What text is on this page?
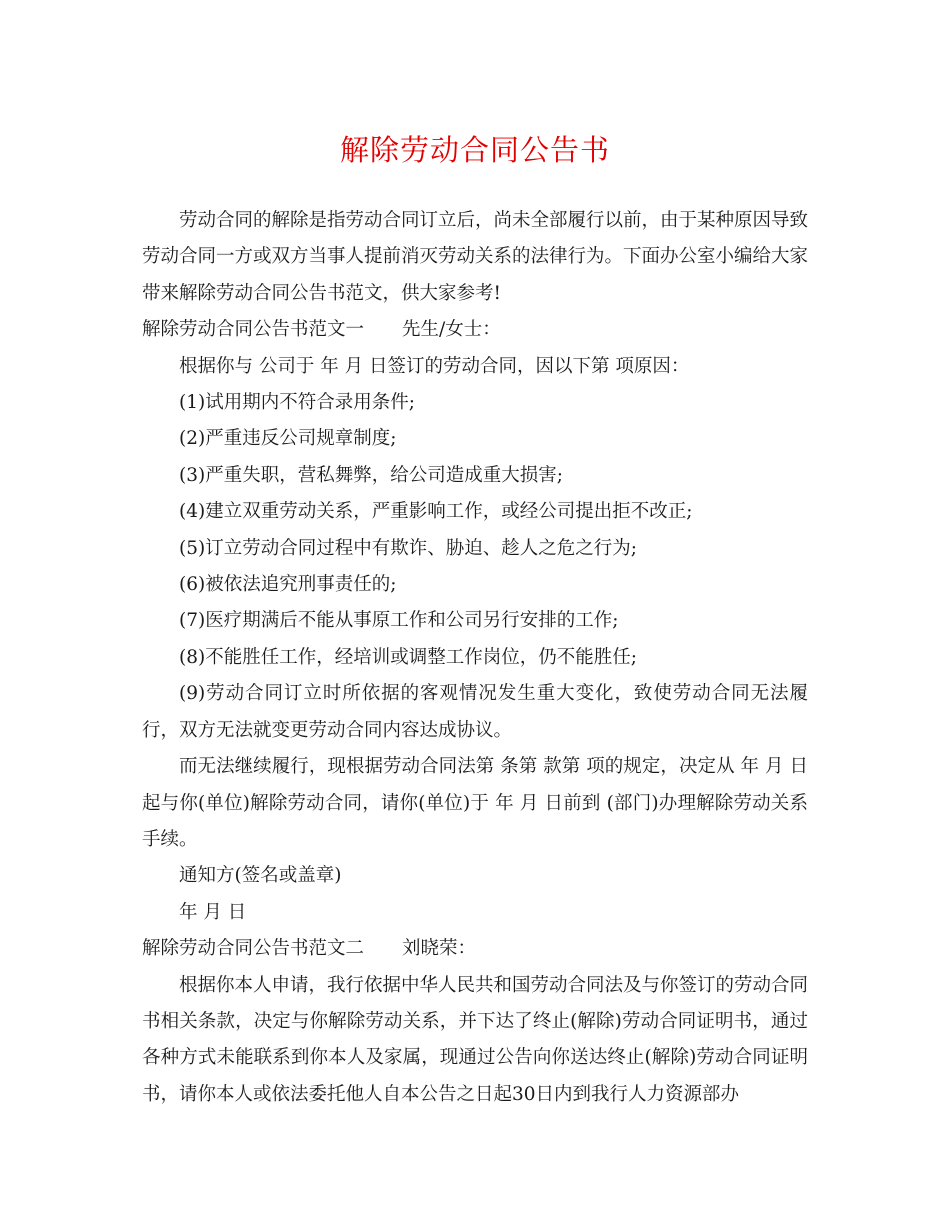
解除劳动合同公告书

劳动合同的解除是指劳动合同订立后，尚未全部履行以前，由于某种原因导致劳动合同一方或双方当事人提前消灭劳动关系的法律行为。下面办公室小编给大家带来解除劳动合同公告书范文，供大家参考!

解除劳动合同公告书范文一 先生/女士：

根据你与 公司于 年 月 日签订的劳动合同，因以下第 项原因：

(1)试用期内不符合录用条件;

(2)严重违反公司规章制度;

(3)严重失职，营私舞弊，给公司造成重大损害;

(4)建立双重劳动关系，严重影响工作，或经公司提出拒不改正;

(5)订立劳动合同过程中有欺诈、胁迫、趁人之危之行为;

(6)被依法追究刑事责任的;

(7)医疗期满后不能从事原工作和公司另行安排的工作;

(8)不能胜任工作，经培训或调整工作岗位，仍不能胜任;

(9)劳动合同订立时所依据的客观情况发生重大变化，致使劳动合同无法履行，双方无法就变更劳动合同内容达成协议。

而无法继续履行，现根据劳动合同法第 条第 款第 项的规定，决定从 年 月 日起与你(单位)解除劳动合同，请你(单位)于 年 月 日前到 (部门)办理解除劳动关系手续。

通知方(签名或盖章)

年 月 日

解除劳动合同公告书范文二 刘晓荣：

根据你本人申请，我行依据中华人民共和国劳动合同法及与你签订的劳动合同书相关条款，决定与你解除劳动关系，并下达了终止(解除)劳动合同证明书，通过各种方式未能联系到你本人及家属，现通过公告向你送达终止(解除)劳动合同证明书，请你本人或依法委托他人自本公告之日起30日内到我行人力资源部办
